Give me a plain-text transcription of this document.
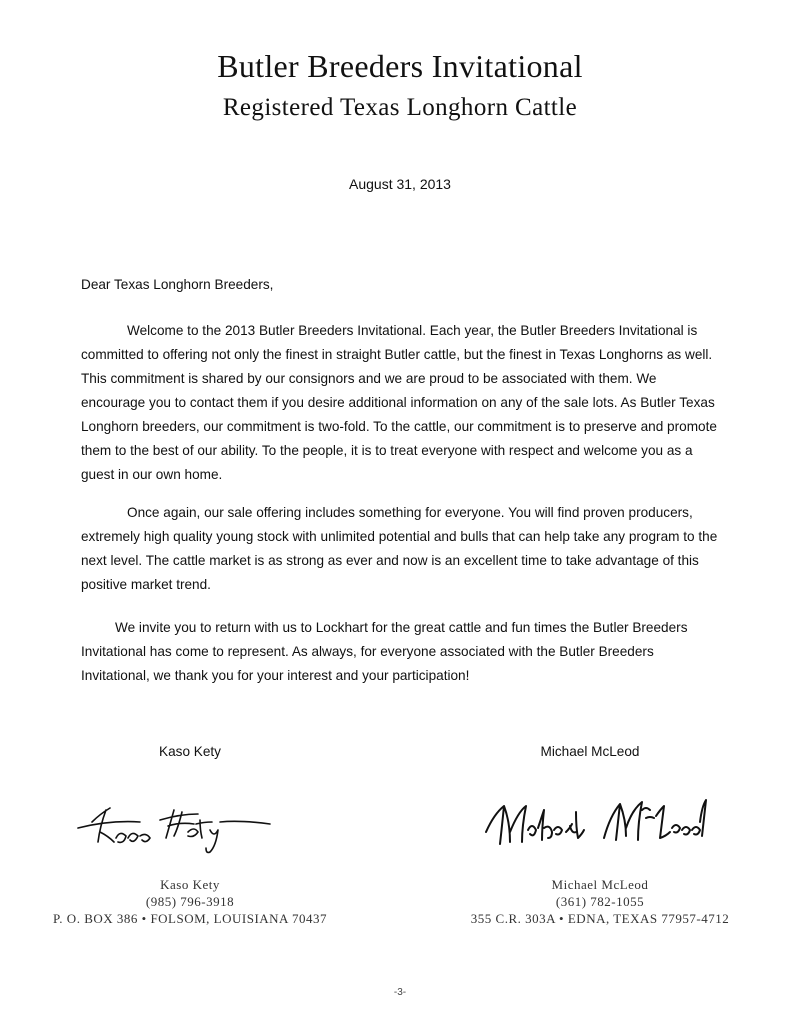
Butler Breeders Invitational
Registered Texas Longhorn Cattle
August 31, 2013

Dear Texas Longhorn Breeders,

Welcome to the 2013 Butler Breeders Invitational. Each year, the Butler Breeders Invitational is committed to offering not only the finest in straight Butler cattle, but the finest in Texas Longhorns as well. This commitment is shared by our consignors and we are proud to be associated with them. We encourage you to contact them if you desire additional information on any of the sale lots. As Butler Texas Longhorn breeders, our commitment is two-fold. To the cattle, our commitment is to preserve and promote them to the best of our ability. To the people, it is to treat everyone with respect and welcome you as a guest in our own home.

Once again, our sale offering includes something for everyone. You will find proven producers, extremely high quality young stock with unlimited potential and bulls that can help take any program to the next level. The cattle market is as strong as ever and now is an excellent time to take advantage of this positive market trend.

We invite you to return with us to Lockhart for the great cattle and fun times the Butler Breeders Invitational has come to represent. As always, for everyone associated with the Butler Breeders Invitational, we thank you for your interest and your participation!

Kaso Kety	Michael McLeod
Kaso Kety
(985) 796-3918
P. O. BOX 386 • FOLSOM, LOUISIANA 70437
Michael McLeod
(361) 782-1055
355 C.R. 303A • EDNA, TEXAS 77957-4712
-3-
